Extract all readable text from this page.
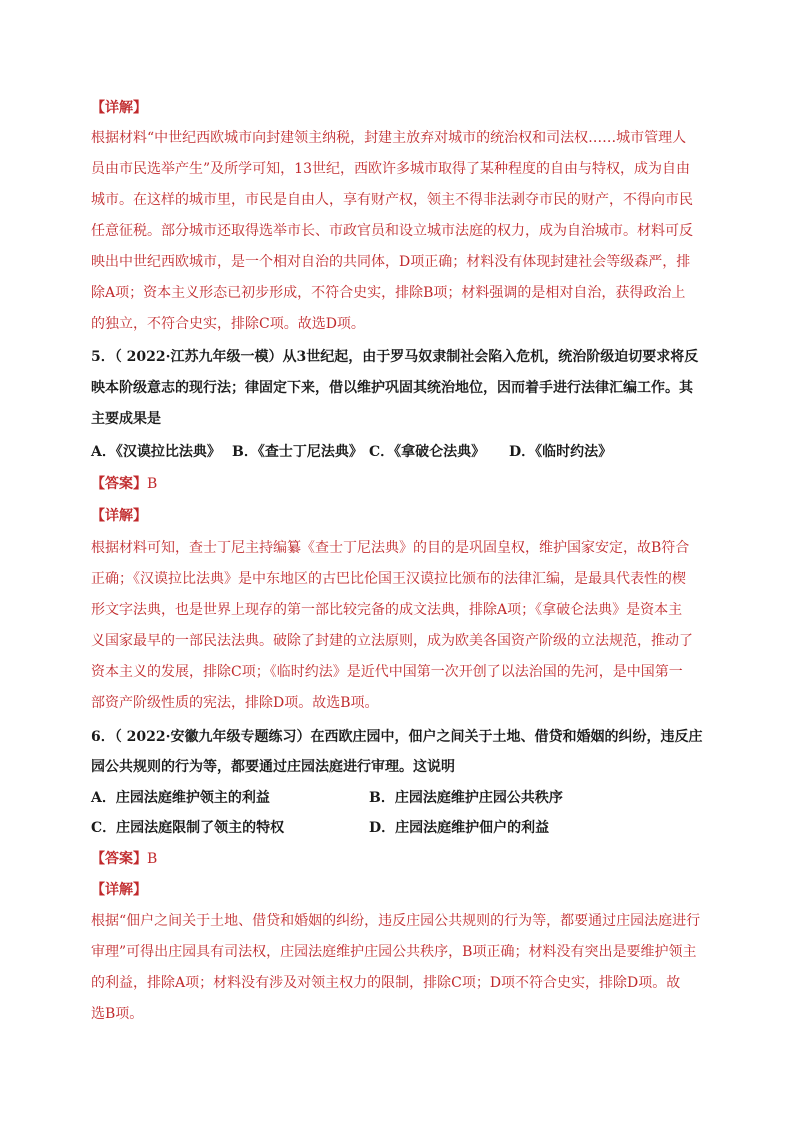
【详解】
根据材料“中世纪西欧城市向封建领主纳税，封建主放弃对城市的统治权和司法权……城市管理人
员由市民选举产生”及所学可知，13世纪，西欧许多城市取得了某种程度的自由与特权，成为自由
城市。在这样的城市里，市民是自由人，享有财产权，领主不得非法剥夺市民的财产，不得向市民
任意征税。部分城市还取得选举市长、市政官员和设立城市法庭的权力，成为自治城市。材料可反
映出中世纪西欧城市，是一个相对自治的共同体，D项正确；材料没有体现封建社会等级森严，排
除A项；资本主义形态已初步形成，不符合史实，排除B项；材料强调的是相对自治，获得政治上
的独立，不符合史实，排除C项。故选D项。
5．（ 2022·江苏九年级一模）从3世纪起，由于罗马奴隶制社会陷入危机，统治阶级迫切要求将反
映本阶级意志的现行法；律固定下来，借以维护巩固其统治地位，因而着手进行法律汇编工作。其
主要成果是
A．《汉谟拉比法典》 B．《查士丁尼法典》 C．《拿破仑法典》 D．《临时约法》
【答案】B
【详解】
根据材料可知，查士丁尼主持编纂《查士丁尼法典》的目的是巩固皇权，维护国家安定，故B符合
正确；《汉谟拉比法典》是中东地区的古巴比伦国王汉谟拉比颁布的法律汇编，是最具代表性的楔
形文字法典，也是世界上现存的第一部比较完备的成文法典，排除A项；《拿破仑法典》是资本主
义国家最早的一部民法法典。破除了封建的立法原则，成为欧美各国资产阶级的立法规范，推动了
资本主义的发展，排除C项；《临时约法》是近代中国第一次开创了以法治国的先河，是中国第一
部资产阶级性质的宪法，排除D项。故选B项。
6．（ 2022·安徽九年级专题练习）在西欧庄园中，佃户之间关于土地、借贷和婚姻的纠纷，违反庄
园公共规则的行为等，都要通过庄园法庭进行审理。这说明
A．庄园法庭维护领主的利益	B．庄园法庭维护庄园公共秩序
C．庄园法庭限制了领主的特权	D．庄园法庭维护佃户的利益
【答案】B
【详解】
根据“佃户之间关于土地、借贷和婚姻的纠纷，违反庄园公共规则的行为等，都要通过庄园法庭进行
审理”可得出庄园具有司法权，庄园法庭维护庄园公共秩序，B项正确；材料没有突出是要维护领主
的利益，排除A项；材料没有涉及对领主权力的限制，排除C项；D项不符合史实，排除D项。故
选B项。
